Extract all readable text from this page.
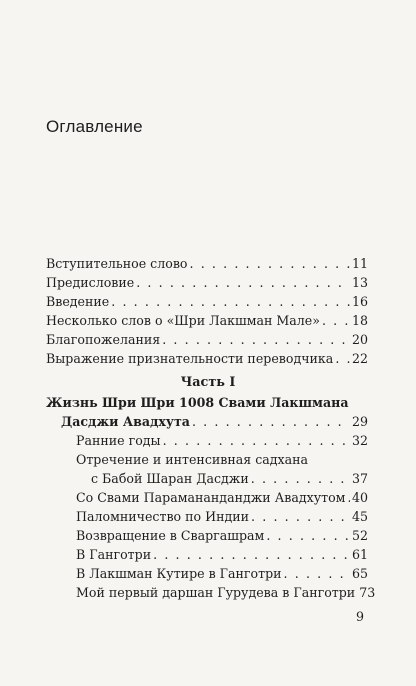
Оглавление
Вступительное слово . . .	11
Предисловие . . .	13
Введение . . .	16
Несколько слов о «Шри Лакшман Мале» . . .	18
Благопожелания . . .	20
Выражение признательности переводчика . . . 22
Часть I
Жизнь Шри Шри 1008 Свами Лакшмана
Дасджи Авадхута . . .	29
Ранние годы . . .	32
Отречение и интенсивная садхана
с Бабой Шаран Дасджи . . .	37
Со Свами Парамананданджи Авадхутом . . . 40
Паломничество по Индии . . .	45
Возвращение в Сваргашрам . . .	52
В Ганготри . . .	61
В Лакшман Кутире в Ганготри . . .	65
Мой первый даршан Гурудева в Ганготри 73
9
